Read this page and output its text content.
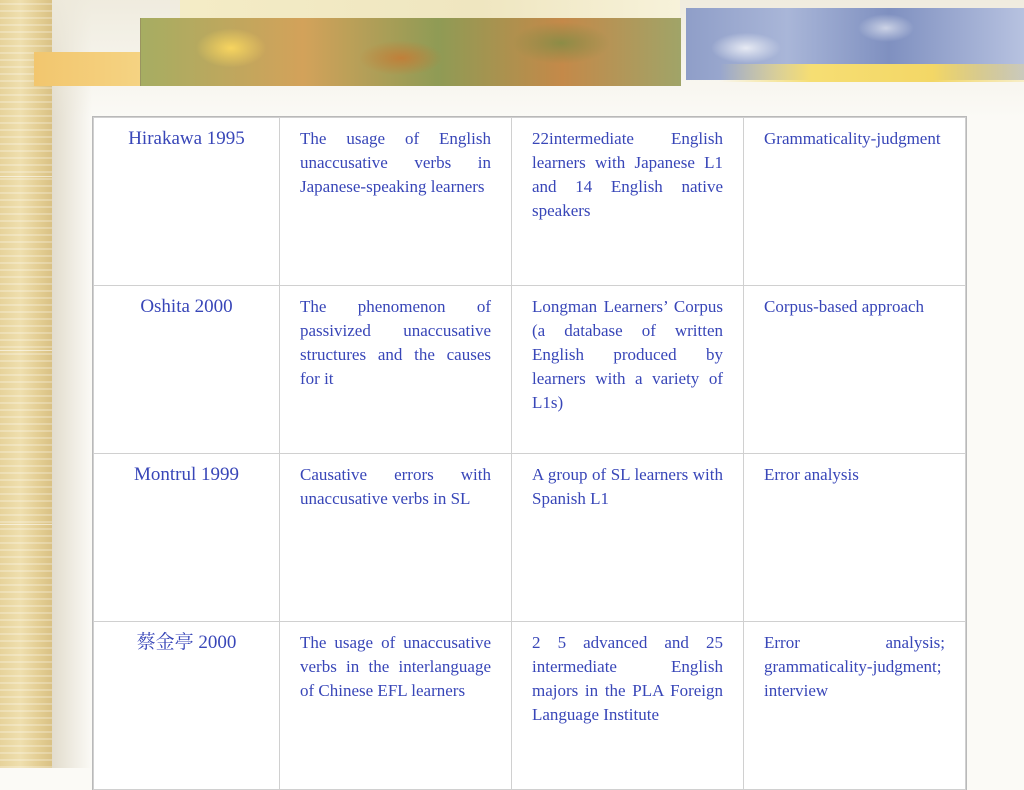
Hirakawa 1995	The usage of English unaccusative verbs in Japanese-speaking learners	22intermediate English learners with Japanese L1 and 14 English native speakers	Grammaticality-judgment
Oshita 2000	The phenomenon of passivized unaccusative structures and the causes for it	Longman Learners’ Corpus (a database of written English produced by learners with a variety of L1s)	Corpus-based approach
Montrul 1999	Causative errors with unaccusative verbs in SL	A group of SL learners with Spanish L1	Error analysis
蔡金亭 2000	The usage of unaccusative verbs in the interlanguage of Chinese EFL learners	2 5 advanced and 25 intermediate English majors in the PLA Foreign Language Institute	Error analysis; grammaticality-judgment; interview
